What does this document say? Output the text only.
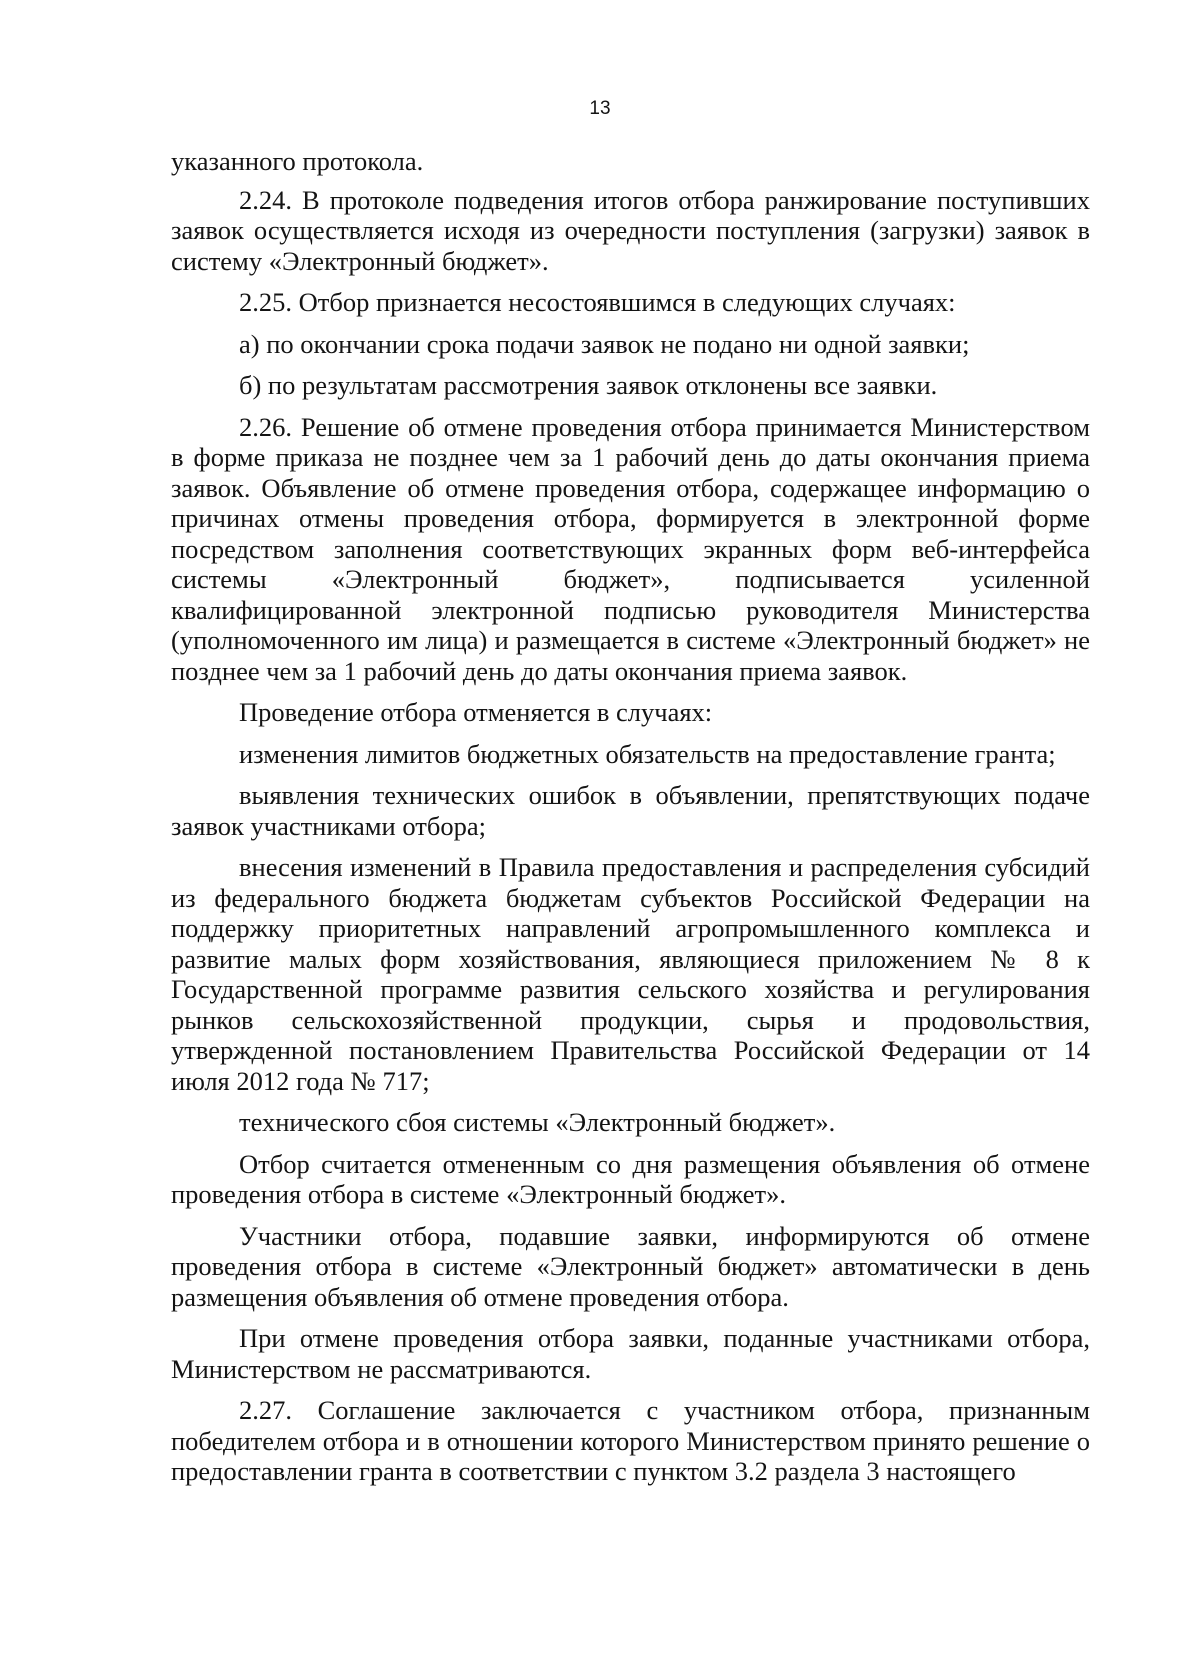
13

указанного протокола.

2.24. В протоколе подведения итогов отбора ранжирование поступивших заявок осуществляется исходя из очередности поступления (загрузки) заявок в систему «Электронный бюджет».

2.25. Отбор признается несостоявшимся в следующих случаях:

а) по окончании срока подачи заявок не подано ни одной заявки;

б) по результатам рассмотрения заявок отклонены все заявки.

2.26. Решение об отмене проведения отбора принимается Министерством в форме приказа не позднее чем за 1 рабочий день до даты окончания приема заявок. Объявление об отмене проведения отбора, содержащее информацию о причинах отмены проведения отбора, формируется в электронной форме посредством заполнения соответствующих экранных форм веб-интерфейса системы «Электронный бюджет», подписывается усиленной квалифицированной электронной подписью руководителя Министерства (уполномоченного им лица) и размещается в системе «Электронный бюджет» не позднее чем за 1 рабочий день до даты окончания приема заявок.

Проведение отбора отменяется в случаях:

изменения лимитов бюджетных обязательств на предоставление гранта;

выявления технических ошибок в объявлении, препятствующих подаче заявок участниками отбора;

внесения изменений в Правила предоставления и распределения субсидий из федерального бюджета бюджетам субъектов Российской Федерации на поддержку приоритетных направлений агропромышленного комплекса и развитие малых форм хозяйствования, являющиеся приложением № 8 к Государственной программе развития сельского хозяйства и регулирования рынков сельскохозяйственной продукции, сырья и продовольствия, утвержденной постановлением Правительства Российской Федерации от 14 июля 2012 года № 717;

технического сбоя системы «Электронный бюджет».

Отбор считается отмененным со дня размещения объявления об отмене проведения отбора в системе «Электронный бюджет».

Участники отбора, подавшие заявки, информируются об отмене проведения отбора в системе «Электронный бюджет» автоматически в день размещения объявления об отмене проведения отбора.

При отмене проведения отбора заявки, поданные участниками отбора, Министерством не рассматриваются.

2.27. Соглашение заключается с участником отбора, признанным победителем отбора и в отношении которого Министерством принято решение о предоставлении гранта в соответствии с пунктом 3.2 раздела 3 настоящего
